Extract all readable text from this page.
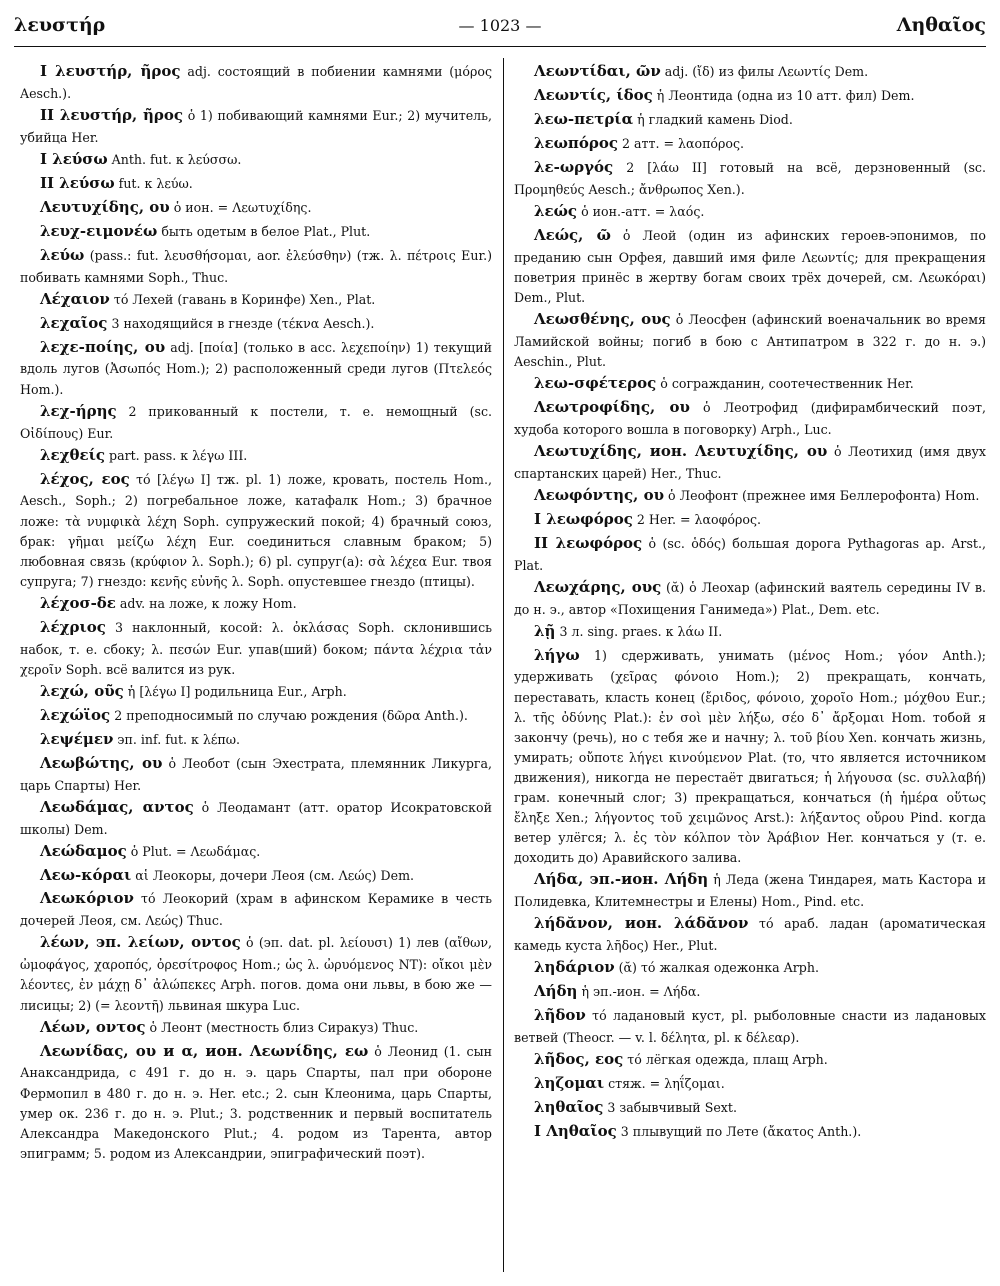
λευστήρ	— 1023 —	Ληθαῖος

I λευστήρ, ῆρος adj. состоящий в побиении камнями (μόρος Aesch.).

II λευστήρ, ῆρος ὁ 1) побивающий камнями Eur.; 2) мучитель, убийца Her.

I λεύσω Anth. fut. к λεύσσω.

II λεύσω fut. к λεύω.

Λευτυχίδης, ου ὁ ион. = Λεωτυχίδης.

λευχ-ειμονέω быть одетым в белое Plat., Plut.

λεύω (pass.: fut. λευσθήσομαι, aor. ἐλεύσθην) (тж. λ. πέτροις Eur.) побивать камнями Soph., Thuc.

Λέχαιον τό Лехей (гавань в Коринфе) Xen., Plat.

λεχαῖος 3 находящийся в гнезде (τέκνα Aesch.).

λεχε-ποίης, ου adj. [ποία] (только в acc. λεχεποίην) 1) текущий вдоль лугов (Ἀσωπός Hom.); 2) расположенный среди лугов (Πτελεός Hom.).

λεχ-ήρης 2 прикованный к постели, т. е. немощный (sc. Οἰδίπους) Eur.

λεχθείς part. pass. к λέγω III.

λέχος, εος τό [λέγω I] тж. pl. 1) ложе, кровать, постель Hom., Aesch., Soph.; 2) погребальное ложе, катафалк Hom.; 3) брачное ложе: τὰ νυμφικὰ λέχη Soph. супружеский покой; 4) брачный союз, брак: γῆμαι μείζω λέχη Eur. соединиться славным браком; 5) любовная связь (κρύφιον λ. Soph.); 6) pl. супруг(а): σὰ λέχεα Eur. твоя супруга; 7) гнездо: κενῆς εὐνῆς λ. Soph. опустевшее гнездо (птицы).

λέχοσ-δε adv. на ложе, к ложу Hom.

λέχριος 3 наклонный, косой: λ. ὀκλάσας Soph. склонившись набок, т. е. сбоку; λ. πεσών Eur. упав(ший) боком; πάντα λέχρια τἀν χεροῖν Soph. всё валится из рук.

λεχώ, οῦς ἡ [λέγω I] родильница Eur., Arph.

λεχώϊος 2 преподносимый по случаю рождения (δῶρα Anth.).

λεψέμεν эп. inf. fut. к λέπω.

Λεωβώτης, ου ὁ Леобот (сын Эхестрата, племянник Ликурга, царь Спарты) Her.

Λεωδάμας, αντος ὁ Леодамант (атт. оратор Исократовской школы) Dem.

Λεώδαμος ὁ Plut. = Λεωδάμας.

Λεω-κόραι αἱ Леокоры, дочери Леоя (см. Λεώς) Dem.

Λεωκόριον τό Леокорий (храм в афинском Керамике в честь дочерей Леоя, см. Λεώς) Thuc.

λέων, эп. λείων, οντος ὁ (эп. dat. pl. λείουσι) 1) лев (αἴθων, ὠμοφάγος, χαροπός, ὀρεσίτροφος Hom.; ὡς λ. ὠρυόμενος NT): οἴκοι μὲν λέοντες, ἐν μάχῃ δ᾽ ἀλώπεκες Arph. погов. дома они львы, в бою же — лисицы; 2) (= λεοντῆ) львиная шкура Luc.

Λέων, οντος ὁ Леонт (местность близ Сиракуз) Thuc.

Λεωνίδας, ου и α, ион. Λεωνίδης, εω ὁ Леонид (1. сын Анаксандрида, с 491 г. до н. э. царь Спарты, пал при обороне Фермопил в 480 г. до н. э. Her. etc.; 2. сын Клеонима, царь Спарты, умер ок. 236 г. до н. э. Plut.; 3. родственник и первый воспитатель Александра Македонского Plut.; 4. родом из Тарента, автор эпиграмм; 5. родом из Александрии, эпиграфический поэт).

Λεωντίδαι, ῶν adj. (ἴδ) из филы Λεωντίς Dem.

Λεωντίς, ίδος ἡ Леонтида (одна из 10 атт. фил) Dem.

λεω-πετρία ἡ гладкий камень Diod.

λεωπόρος 2 атт. = λαοπόρος.

λε-ωργός 2 [λάω II] готовый на всё, дерзновенный (sc. Προμηθεύς Aesch.; ἄνθρωπος Xen.).

λεώς ὁ ион.-атт. = λαός.

Λεώς, ῶ ὁ Леой (один из афинских героев-эпонимов, по преданию сын Орфея, давший имя филе Λεωντίς; для прекращения поветрия принёс в жертву богам своих трёх дочерей, см. Λεωκόραι) Dem., Plut.

Λεωσθένης, ους ὁ Леосфен (афинский военачальник во время Ламийской войны; погиб в бою с Антипатром в 322 г. до н. э.) Aeschin., Plut.

λεω-σφέτερος ὁ согражданин, соотечественник Her.

Λεωτροφίδης, ου ὁ Леотрофид (дифирамбический поэт, худоба которого вошла в поговорку) Arph., Luc.

Λεωτυχίδης, ион. Λευτυχίδης, ου ὁ Леотихид (имя двух спартанских царей) Her., Thuc.

Λεωφόντης, ου ὁ Леофонт (прежнее имя Беллерофонта) Hom.

I λεωφόρος 2 Her. = λαοφόρος.

II λεωφόρος ὁ (sc. ὁδός) большая дорога Pythagoras ap. Arst., Plat.

Λεωχάρης, ους (ᾰ) ὁ Леохар (афинский ваятель середины IV в. до н. э., автор «Похищения Ганимеда») Plat., Dem. etc.

λῇ 3 л. sing. praes. к λάω II.

λήγω 1) сдерживать, унимать (μένος Hom.; γόον Anth.); удерживать (χεῖρας φόνοιο Hom.); 2) прекращать, кончать, переставать, класть конец (ἔριδος, φόνοιο, χοροῖο Hom.; μόχθου Eur.; λ. τῆς ὀδύνης Plat.): ἐν σοὶ μὲν λήξω, σέο δ᾽ ἄρξομαι Hom. тобой я закончу (речь), но с тебя же и начну; λ. τοῦ βίου Xen. кончать жизнь, умирать; οὔποτε λήγει κινούμενον Plat. (то, что является источником движения), никогда не перестаёт двигаться; ἡ λήγουσα (sc. συλλαβή) грам. конечный слог; 3) прекращаться, кончаться (ἡ ἡμέρα οὕτως ἔληξε Xen.; λήγοντος τοῦ χειμῶνος Arst.): λήξαντος οὔρου Pind. когда ветер улёгся; λ. ἐς τὸν κόλπον τὸν Ἀράβιον Her. кончаться у (т. е. доходить до) Аравийского залива.

Λήδα, эп.-ион. Λήδη ἡ Леда (жена Тиндарея, мать Кастора и Полидевка, Клитемнестры и Елены) Hom., Pind. etc.

λήδᾰνον, ион. λάδᾰνον τό араб. ладан (ароматическая камедь куста λῆδος) Her., Plut.

ληδάριον (ᾰ) τό жалкая одежонка Arph.

Λήδη ἡ эп.-ион. = Λήδα.

λῆδον τό ладановый куст, pl. рыболовные снасти из ладановых ветвей (Theocr. — v. l. δέλητα, pl. к δέλεαρ).

λῆδος, εος τό лёгкая одежда, плащ Arph.

ληζομαι стяж. = ληΐζομαι.

ληθαῖος 3 забывчивый Sext.

I Ληθαῖος 3 плывущий по Лете (ἄκατος Anth.).
